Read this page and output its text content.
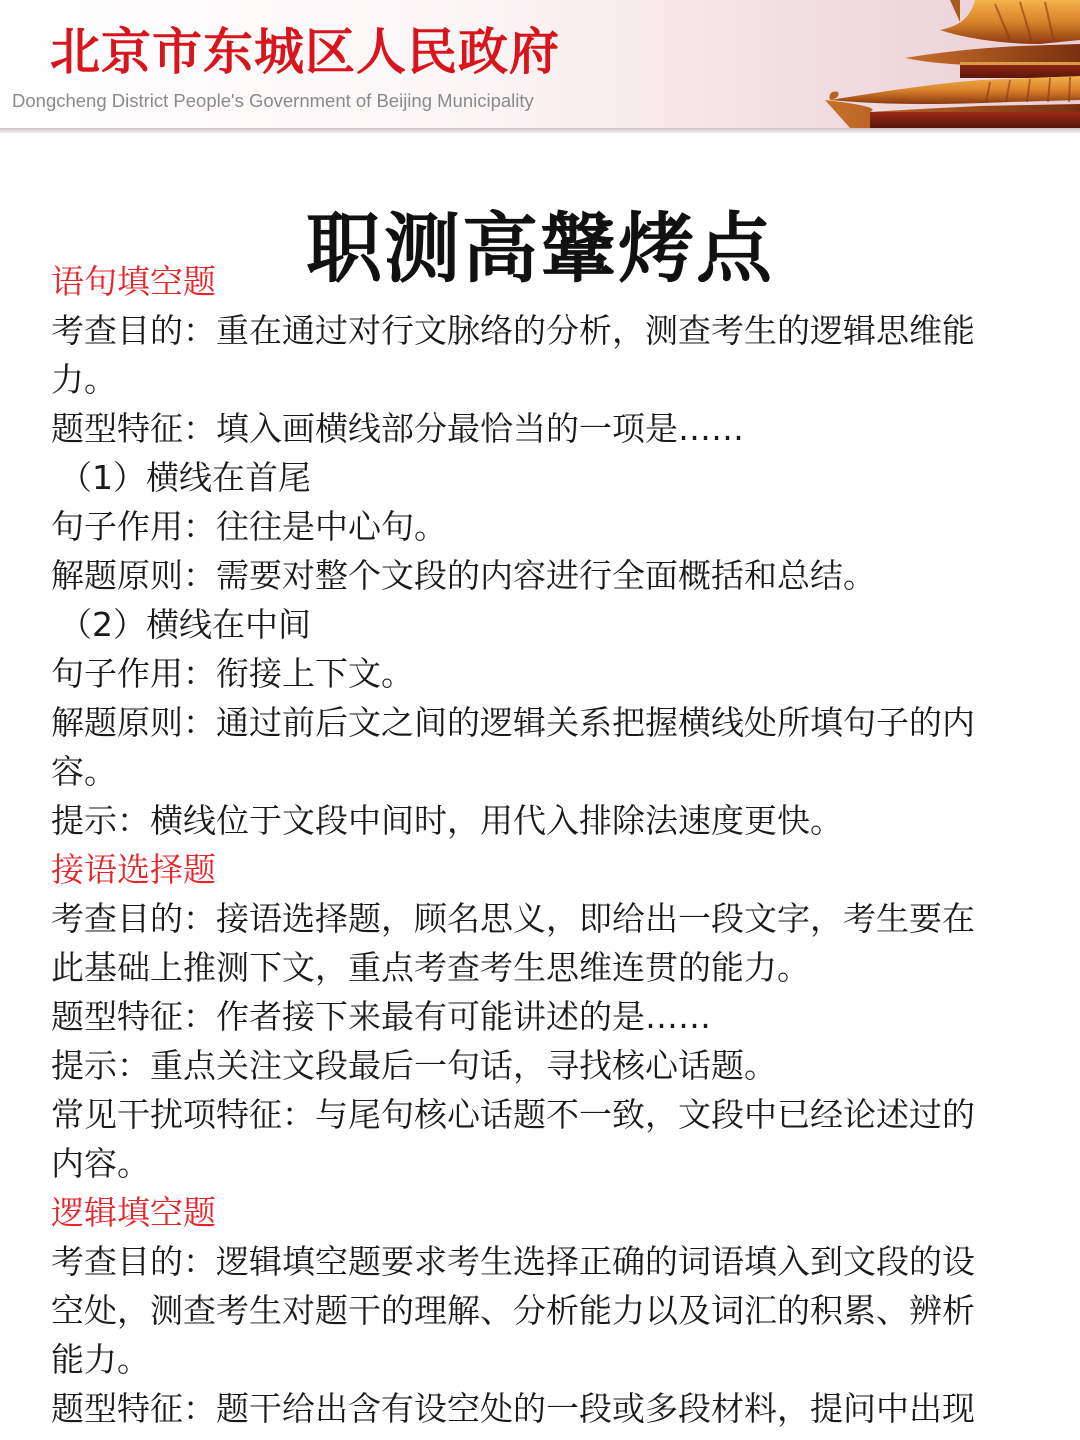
北京市东城区人民政府
Dongcheng District People's Government of Beijing Municipality
职测高鞶烤点

语句填空题

考查目的：重在通过对行文脉络的分析，测查考生的逻辑思维能

力。

题型特征：填入画横线部分最恰当的一项是……

（1）横线在首尾

句子作用：往往是中心句。

解题原则：需要对整个文段的内容进行全面概括和总结。

（2）横线在中间

句子作用：衔接上下文。

解题原则：通过前后文之间的逻辑关系把握横线处所填句子的内

容。

提示：横线位于文段中间时，用代入排除法速度更快。

接语选择题

考查目的：接语选择题，顾名思义，即给出一段文字，考生要在

此基础上推测下文，重点考查考生思维连贯的能力。

题型特征：作者接下来最有可能讲述的是……

提示：重点关注文段最后一句话，寻找核心话题。

常见干扰项特征：与尾句核心话题不一致，文段中已经论述过的

内容。

逻辑填空题

考查目的：逻辑填空题要求考生选择正确的词语填入到文段的设

空处，测查考生对题干的理解、分析能力以及词汇的积累、辨析

能力。

题型特征：题干给出含有设空处的一段或多段材料，提问中出现
